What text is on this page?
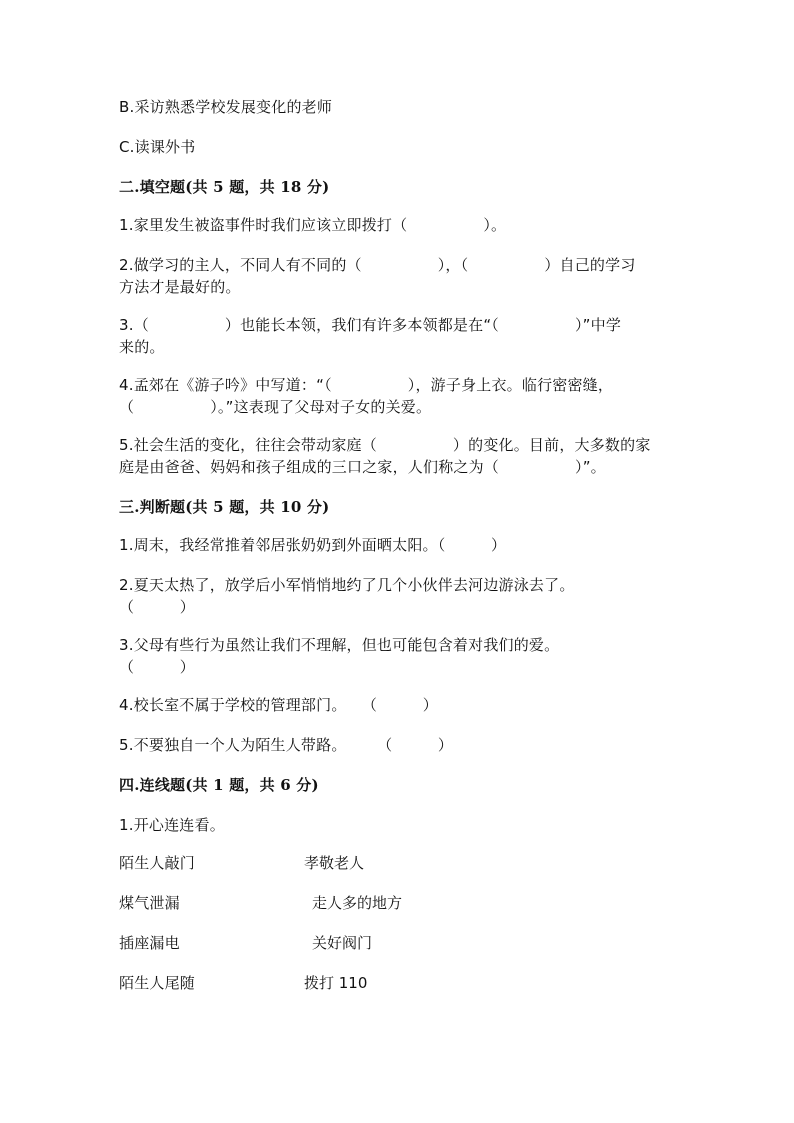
B.采访熟悉学校发展变化的老师
C.读课外书
二.填空题(共 5 题，共 18 分)
1.家里发生被盗事件时我们应该立即拨打（　　　　　）。
2.做学习的主人，不同人有不同的（　　　　　），（　　　　　）自己的学习
方法才是最好的。
3.（　　　　　）也能长本领，我们有许多本领都是在“（　　　　　）”中学
来的。
4.孟郊在《游子吟》中写道：“（　　　　　），游子身上衣。临行密密缝，
（　　　　　）。”这表现了父母对子女的关爱。
5.社会生活的变化，往往会带动家庭（　　　　　）的变化。目前，大多数的家
庭是由爸爸、妈妈和孩子组成的三口之家，人们称之为（　　　　　）”。
三.判断题(共 5 题，共 10 分)
1.周末，我经常推着邻居张奶奶到外面晒太阳。（　　　）
2.夏天太热了，放学后小军悄悄地约了几个小伙伴去河边游泳去了。
（　　　）
3.父母有些行为虽然让我们不理解，但也可能包含着对我们的爱。
（　　　）
4.校长室不属于学校的管理部门。　　（　　　）
5.不要独自一个人为陌生人带路。　　　（　　　）
四.连线题(共 1 题，共 6 分)
1.开心连连看。
陌生人敲门	孝敬老人
煤气泄漏	走人多的地方
插座漏电	关好阀门
陌生人尾随	拨打 110
